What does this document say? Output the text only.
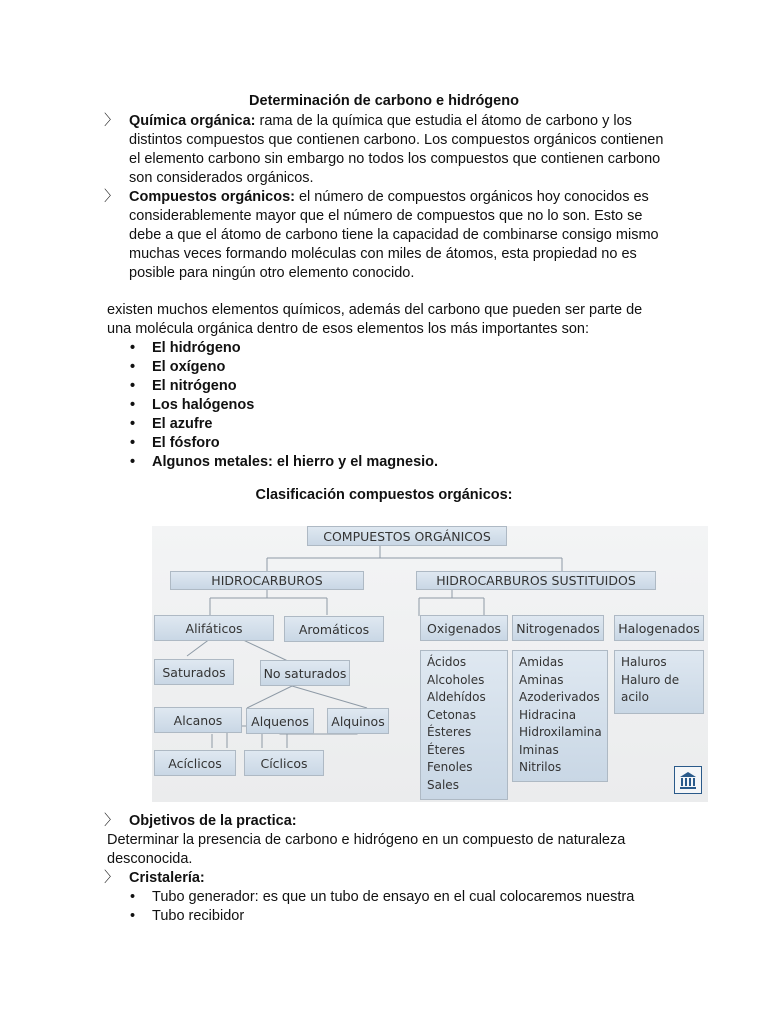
Determinación de carbono e hidrógeno
〉 Química orgánica: rama de la química que estudia el átomo de carbono y los distintos compuestos que contienen carbono. Los compuestos orgánicos contienen el elemento carbono sin embargo no todos los compuestos que contienen carbono son considerados orgánicos.
〉 Compuestos orgánicos: el número de compuestos orgánicos hoy conocidos es considerablemente mayor que el número de compuestos que no lo son. Esto se debe a que el átomo de carbono tiene la capacidad de combinarse consigo mismo muchas veces formando moléculas con miles de átomos, esta propiedad no es posible para ningún otro elemento conocido.
existen muchos elementos químicos, además del carbono que pueden ser parte de una molécula orgánica dentro de esos elementos los más importantes son:
• El hidrógeno
• El oxígeno
• El nitrógeno
• Los halógenos
• El azufre
• El fósforo
• Algunos metales: el hierro y el magnesio.
Clasificación compuestos orgánicos:
COMPUESTOS ORGÁNICOS
HIDROCARBUROS	HIDROCARBUROS SUSTITUIDOS
Alifáticos	Aromáticos
Saturados	No saturados
Alcanos	Alquenos	Alquinos
Acíclicos	Cíclicos
Oxigenados	Nitrogenados	Halogenados
Ácidos
Alcoholes
Aldehídos
Cetonas
Ésteres
Éteres
Fenoles
Sales
Amidas
Aminas
Azoderivados
Hidracina
Hidroxilamina
Iminas
Nitrilos
Haluros
Haluro de
acilo
〉 Objetivos de la practica:
Determinar la presencia de carbono e hidrógeno en un compuesto de naturaleza desconocida.
〉 Cristalería:
• Tubo generador: es que un tubo de ensayo en el cual colocaremos nuestra
• Tubo recibidor
